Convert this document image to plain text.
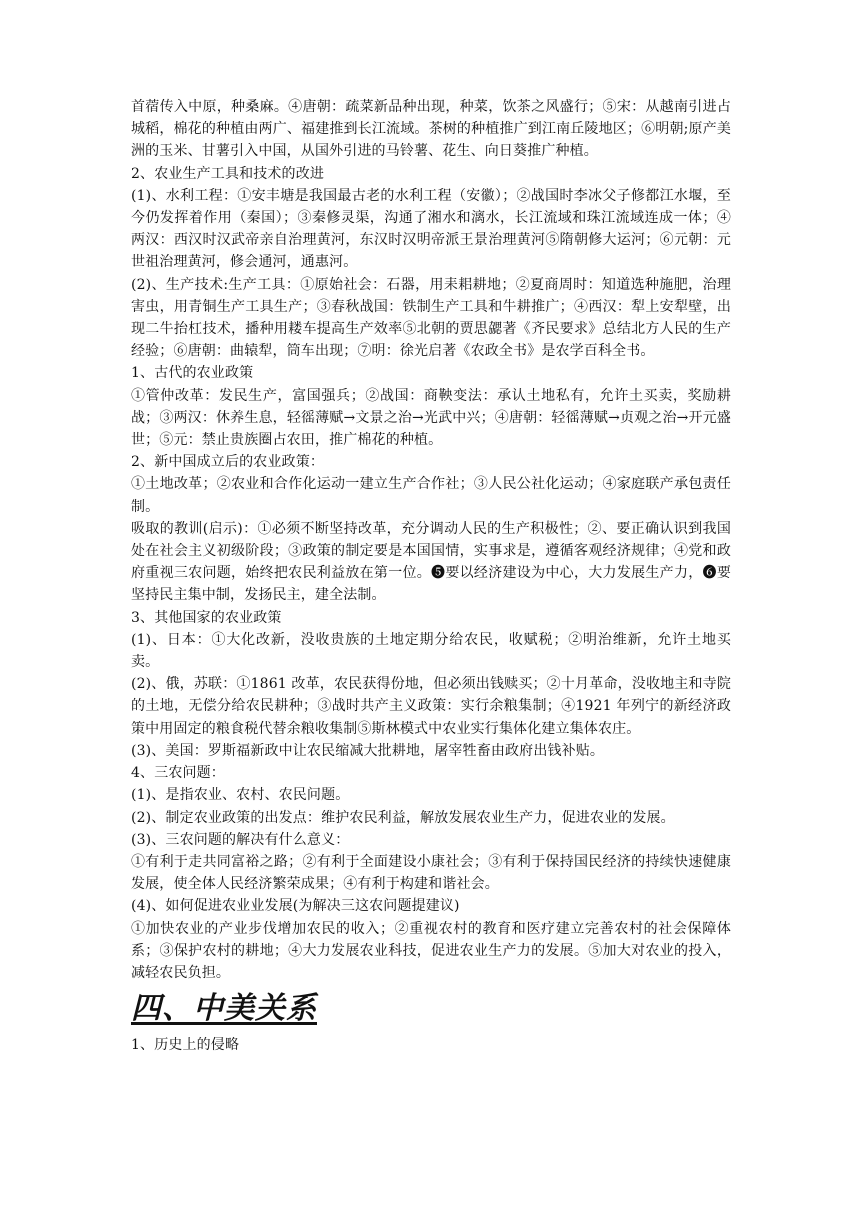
首蓿传入中原，种桑麻。④唐朝：疏菜新品种出现，种菜，饮茶之风盛行；⑤宋：从越南引进占城稻，棉花的种植由两广、福建推到长江流域。茶树的种植推广到江南丘陵地区；⑥明朝;原产美洲的玉米、甘薯引入中国，从国外引进的马铃薯、花生、向日葵推广种植。

2、农业生产工具和技术的改进

(1)、水利工程：①安丰塘是我国最古老的水利工程（安徽）；②战国时李冰父子修都江水堰，至今仍发挥着作用（秦国）；③秦修灵渠，沟通了湘水和漓水，长江流域和珠江流域连成一体；④两汉：西汉时汉武帝亲自治理黄河，东汉时汉明帝派王景治理黄河⑤隋朝修大运河；⑥元朝：元世祖治理黄河，修会通河，通惠河。

(2)、生产技术:生产工具：①原始社会：石器，用耒耜耕地；②夏商周时：知道选种施肥，治理害虫，用青铜生产工具生产；③春秋战国：铁制生产工具和牛耕推广；④西汉：犁上安犁壁，出现二牛抬杠技术，播种用耧车提高生产效率⑤北朝的贾思勰著《齐民要求》总结北方人民的生产经验；⑥唐朝：曲辕犁，筒车出现；⑦明：徐光启著《农政全书》是农学百科全书。

1、古代的农业政策

①管仲改革：发民生产，富国强兵；②战国：商鞅变法：承认土地私有，允许土买卖，奖励耕战；③两汉：休养生息，轻徭薄赋→文景之治→光武中兴；④唐朝：轻徭薄赋→贞观之治→开元盛世；⑤元：禁止贵族圈占农田，推广棉花的种植。

2、新中国成立后的农业政策：

①土地改革；②农业和合作化运动一建立生产合作社；③人民公社化运动；④家庭联产承包责任制。

吸取的教训(启示)：①必须不断坚持改革，充分调动人民的生产积极性；②、要正确认识到我国处在社会主义初级阶段；③政策的制定要是本国国情，实事求是，遵循客观经济规律；④党和政府重视三农问题，始终把农民利益放在第一位。❺要以经济建设为中心，大力发展生产力，❻要坚持民主集中制，发扬民主，建全法制。

3、其他国家的农业政策

(1)、日本：①大化改新，没收贵族的土地定期分给农民，收赋税；②明治维新，允许土地买卖。

(2)、俄，苏联：①1861 改革，农民获得份地，但必须出钱赎买；②十月革命，没收地主和寺院的土地，无偿分给农民耕种；③战时共产主义政策：实行余粮集制；④1921 年列宁的新经济政策中用固定的粮食税代替余粮收集制⑤斯林模式中农业实行集体化建立集体农庄。

(3)、美国：罗斯福新政中让农民缩减大批耕地，屠宰牲畜由政府出钱补贴。

4、三农问题：

(1)、是指农业、农村、农民问题。

(2)、制定农业政策的出发点：维护农民利益，解放发展农业生产力，促进农业的发展。

(3)、三农问题的解决有什么意义：

①有利于走共同富裕之路；②有利于全面建设小康社会；③有利于保持国民经济的持续快速健康发展，使全体人民经济繁荣成果；④有利于构建和谐社会。

(4)、如何促进农业业发展(为解决三这农问题提建议)

①加快农业的产业步伐增加农民的收入；②重视农村的教育和医疗建立完善农村的社会保障体系；③保护农村的耕地；④大力发展农业科技，促进农业生产力的发展。⑤加大对农业的投入，减轻农民负担。

四、中美关系

1、历史上的侵略
